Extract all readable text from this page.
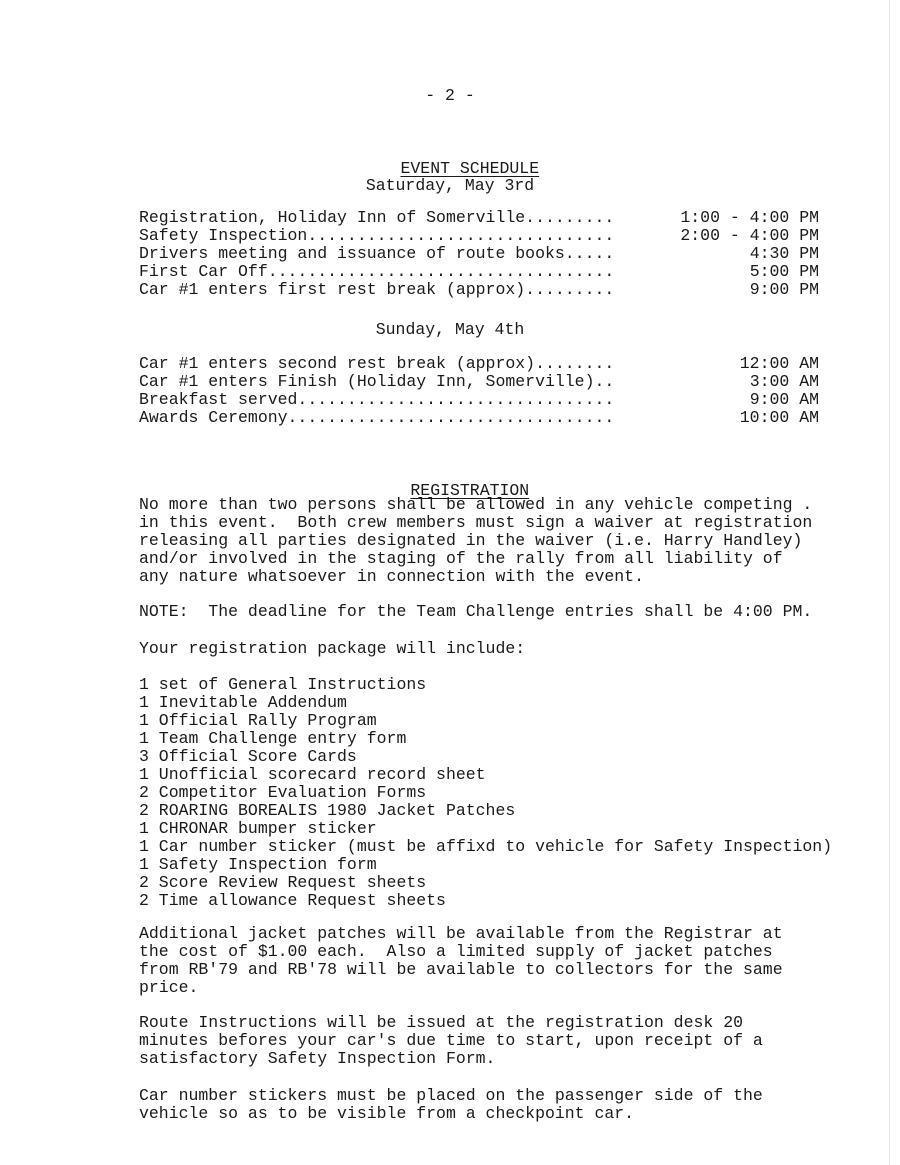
- 2 -

EVENT SCHEDULE

Saturday, May 3rd
Registration, Holiday Inn of Somerville.........	1:00 - 4:00 PM
Safety Inspection...............................	2:00 - 4:00 PM
Drivers meeting and issuance of route books.....	4:30 PM
First Car Off...................................	5:00 PM
Car #1 enters first rest break (approx).........	9:00 PM
Sunday, May 4th
Car #1 enters second rest break (approx)........	12:00 AM
Car #1 enters Finish (Holiday Inn, Somerville)..	3:00 AM
Breakfast served................................	9:00 AM
Awards Ceremony.................................	10:00 AM

REGISTRATION

No more than two persons shall be allowed in any vehicle competing .
in this event.  Both crew members must sign a waiver at registration
releasing all parties designated in the waiver (i.e. Harry Handley)
and/or involved in the staging of the rally from all liability of
any nature whatsoever in connection with the event.
NOTE:  The deadline for the Team Challenge entries shall be 4:00 PM.
Your registration package will include:
1 set of General Instructions
1 Inevitable Addendum
1 Official Rally Program
1 Team Challenge entry form
3 Official Score Cards
1 Unofficial scorecard record sheet
2 Competitor Evaluation Forms
2 ROARING BOREALIS 1980 Jacket Patches
1 CHRONAR bumper sticker
1 Car number sticker (must be affixd to vehicle for Safety Inspection)
1 Safety Inspection form
2 Score Review Request sheets
2 Time allowance Request sheets
Additional jacket patches will be available from the Registrar at
the cost of $1.00 each.  Also a limited supply of jacket patches
from RB'79 and RB'78 will be available to collectors for the same
price.
Route Instructions will be issued at the registration desk 20
minutes befores your car's due time to start, upon receipt of a
satisfactory Safety Inspection Form.
Car number stickers must be placed on the passenger side of the
vehicle so as to be visible from a checkpoint car.
